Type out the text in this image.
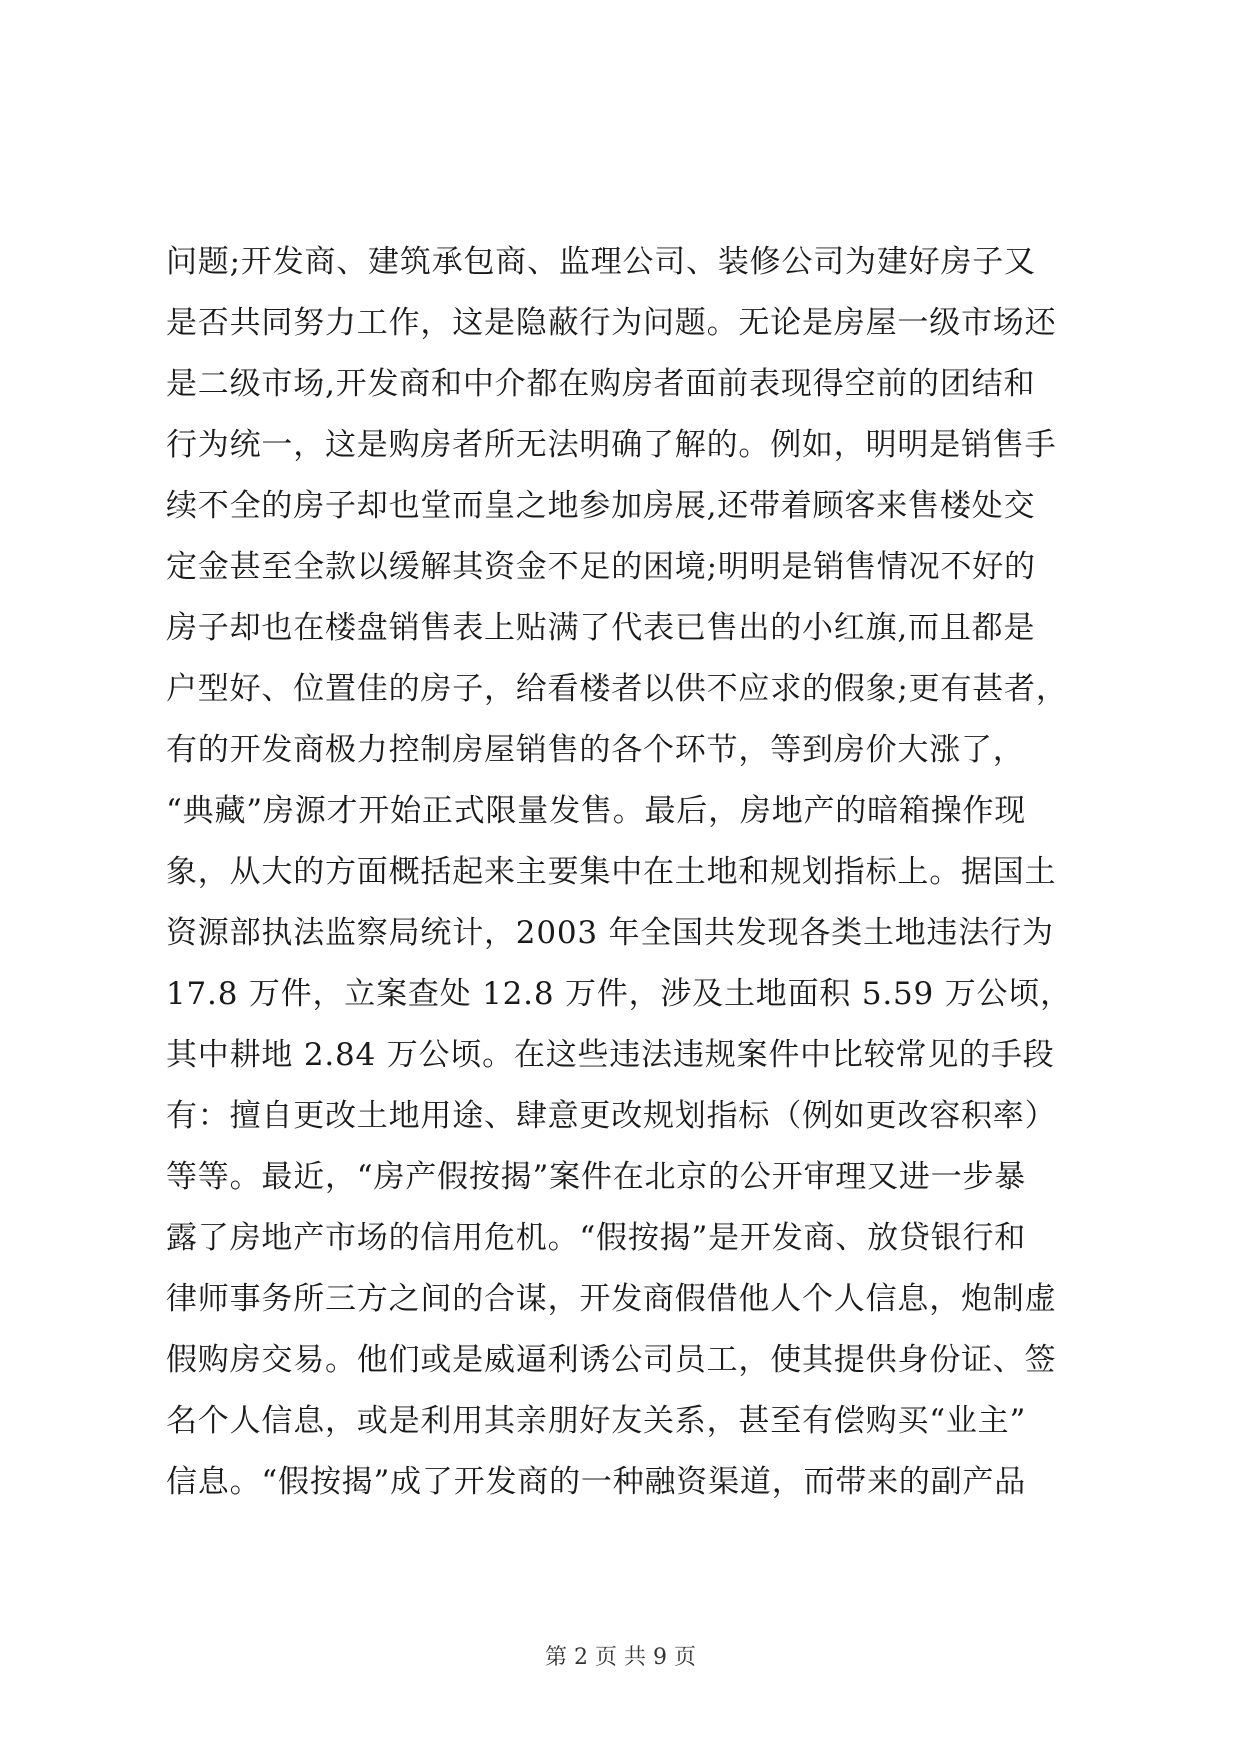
问题;开发商、建筑承包商、监理公司、装修公司为建好房子又
是否共同努力工作，这是隐蔽行为问题。无论是房屋一级市场还
是二级市场,开发商和中介都在购房者面前表现得空前的团结和
行为统一，这是购房者所无法明确了解的。例如，明明是销售手
续不全的房子却也堂而皇之地参加房展,还带着顾客来售楼处交
定金甚至全款以缓解其资金不足的困境;明明是销售情况不好的
房子却也在楼盘销售表上贴满了代表已售出的小红旗,而且都是
户型好、位置佳的房子，给看楼者以供不应求的假象;更有甚者，
有的开发商极力控制房屋销售的各个环节，等到房价大涨了，
“典藏”房源才开始正式限量发售。最后，房地产的暗箱操作现
象，从大的方面概括起来主要集中在土地和规划指标上。据国土
资源部执法监察局统计，2003 年全国共发现各类土地违法行为
17.8 万件，立案查处 12.8 万件，涉及土地面积 5.59 万公顷，
其中耕地 2.84 万公顷。在这些违法违规案件中比较常见的手段
有：擅自更改土地用途、肆意更改规划指标（例如更改容积率）
等等。最近，“房产假按揭”案件在北京的公开审理又进一步暴
露了房地产市场的信用危机。“假按揭”是开发商、放贷银行和
律师事务所三方之间的合谋，开发商假借他人个人信息，炮制虚
假购房交易。他们或是威逼利诱公司员工，使其提供身份证、签
名个人信息，或是利用其亲朋好友关系，甚至有偿购买“业主”
信息。“假按揭”成了开发商的一种融资渠道，而带来的副产品
第 2 页 共 9 页
